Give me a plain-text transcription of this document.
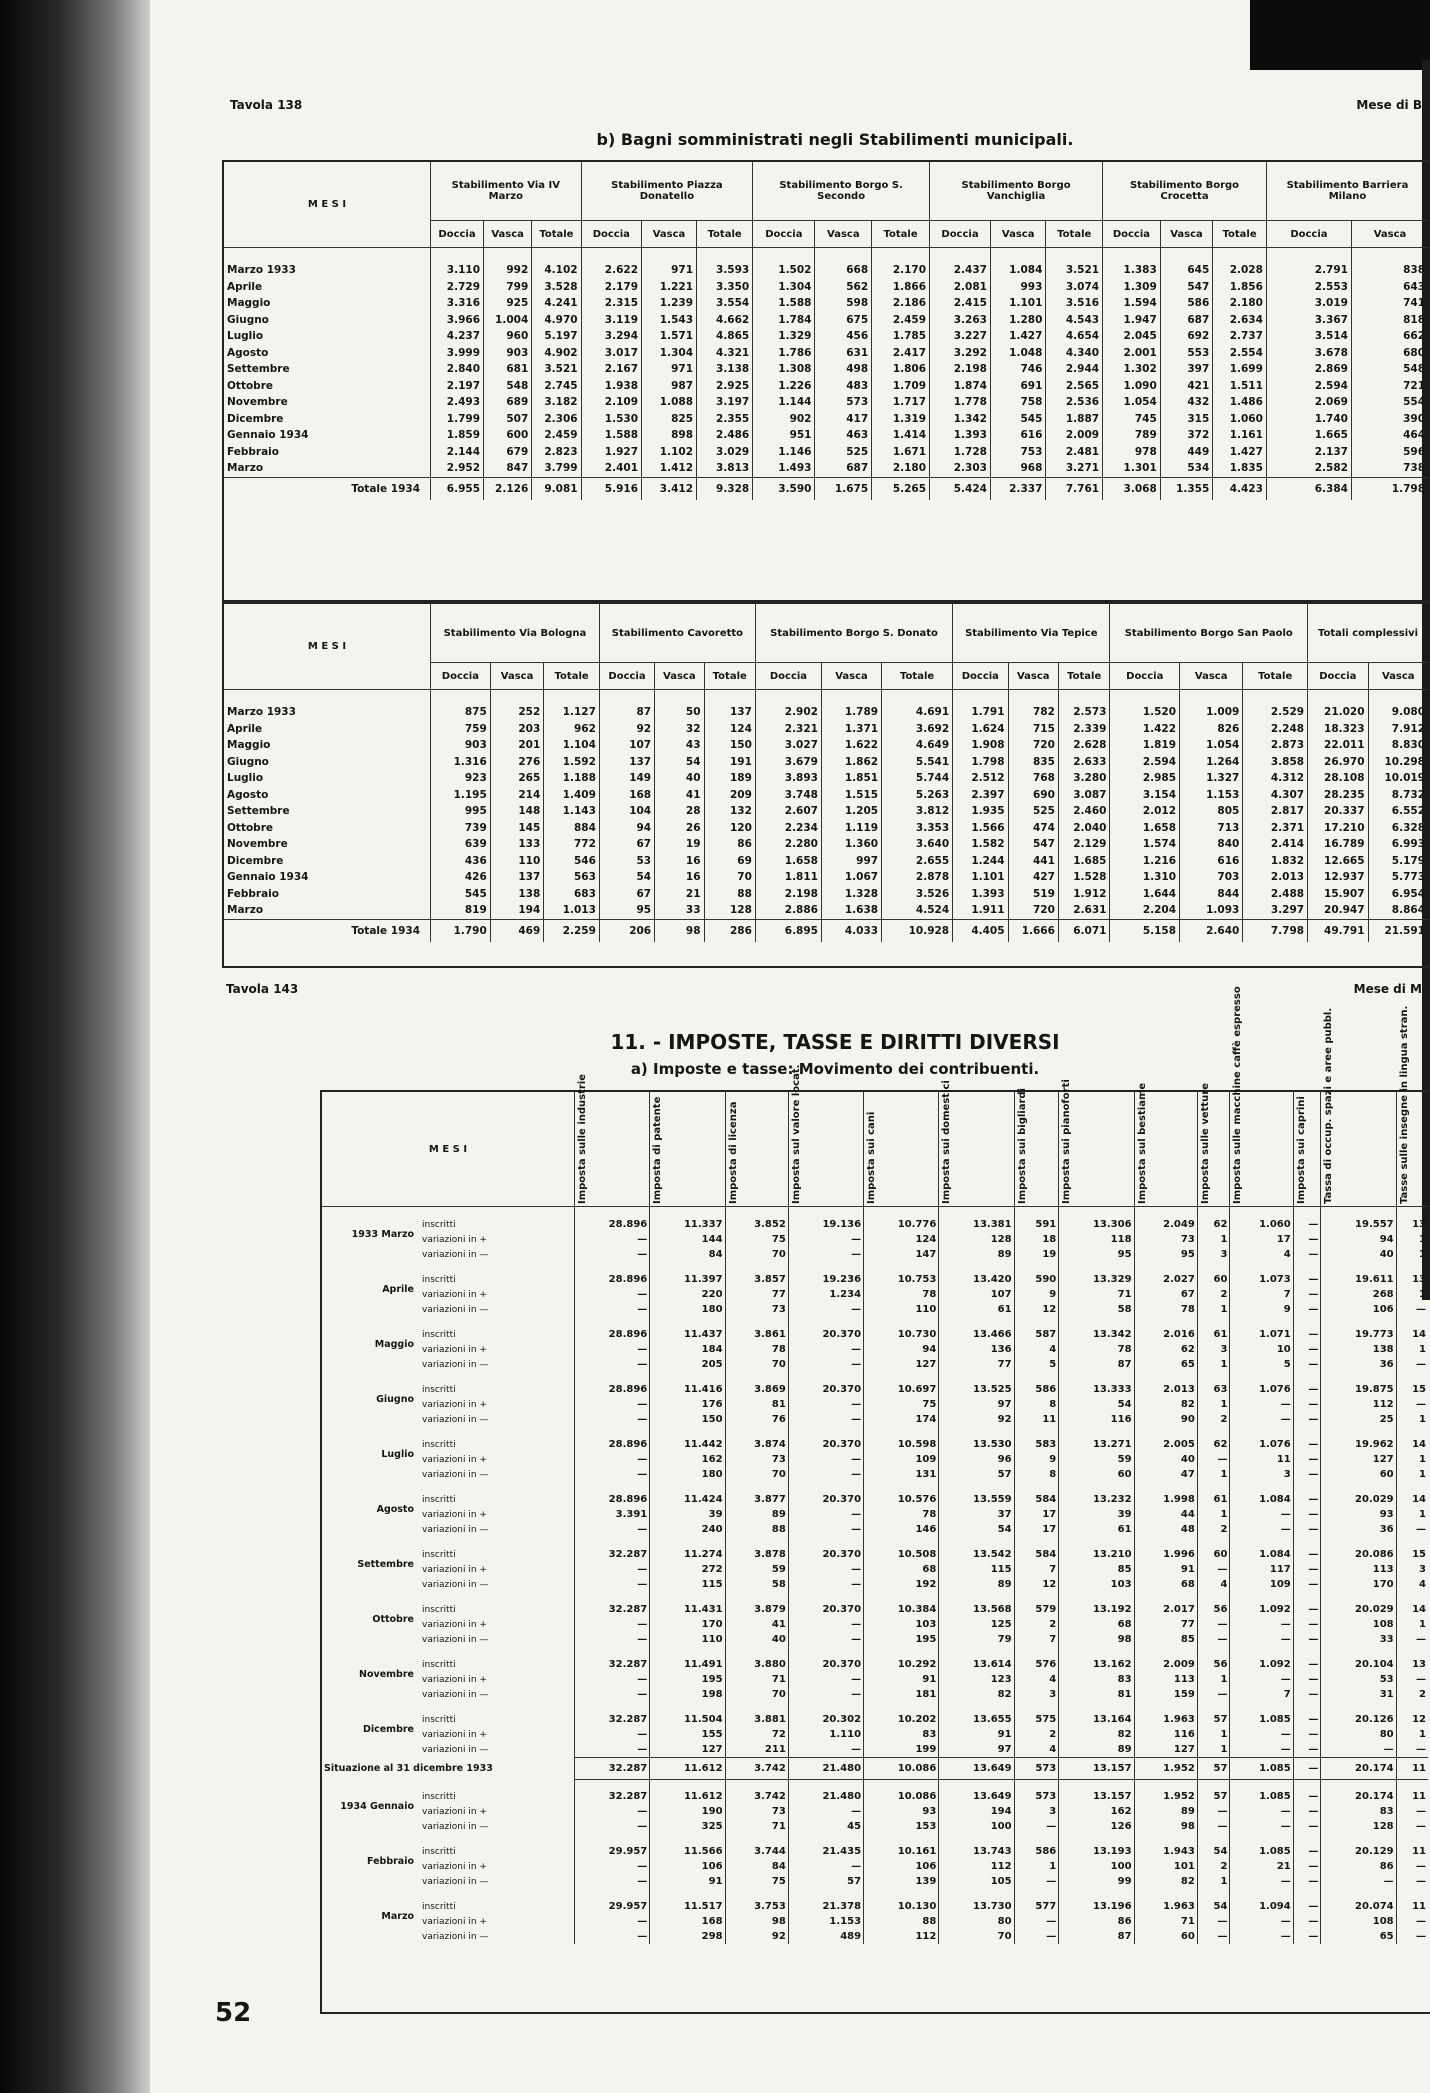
Tavola 138	Mese di B
b) Bagni somministrati negli Stabilimenti municipali.
M E S I	Stabilimento Via IV Marzo			Stabilimento Piazza Donatello			Stabilimento Borgo S. Secondo			Stabilimento Borgo Vanchiglia			Stabilimento Borgo Crocetta			Stabilimento Barriera Milano	
	Doccia	Vasca	Totale	Doccia	Vasca	Totale	Doccia	Vasca	Totale	Doccia	Vasca	Totale	Doccia	Vasca	Totale	Doccia	Vasca
Marzo 1933	3.110	992	4.102	2.622	971	3.593	1.502	668	2.170	2.437	1.084	3.521	1.383	645	2.028	2.791	838
Aprile	2.729	799	3.528	2.179	1.221	3.350	1.304	562	1.866	2.081	993	3.074	1.309	547	1.856	2.553	643
Maggio	3.316	925	4.241	2.315	1.239	3.554	1.588	598	2.186	2.415	1.101	3.516	1.594	586	2.180	3.019	741
Giugno	3.966	1.004	4.970	3.119	1.543	4.662	1.784	675	2.459	3.263	1.280	4.543	1.947	687	2.634	3.367	818
Luglio	4.237	960	5.197	3.294	1.571	4.865	1.329	456	1.785	3.227	1.427	4.654	2.045	692	2.737	3.514	662
Agosto	3.999	903	4.902	3.017	1.304	4.321	1.786	631	2.417	3.292	1.048	4.340	2.001	553	2.554	3.678	680
Settembre	2.840	681	3.521	2.167	971	3.138	1.308	498	1.806	2.198	746	2.944	1.302	397	1.699	2.869	548
Ottobre	2.197	548	2.745	1.938	987	2.925	1.226	483	1.709	1.874	691	2.565	1.090	421	1.511	2.594	721
Novembre	2.493	689	3.182	2.109	1.088	3.197	1.144	573	1.717	1.778	758	2.536	1.054	432	1.486	2.069	554
Dicembre	1.799	507	2.306	1.530	825	2.355	902	417	1.319	1.342	545	1.887	745	315	1.060	1.740	390
Gennaio 1934	1.859	600	2.459	1.588	898	2.486	951	463	1.414	1.393	616	2.009	789	372	1.161	1.665	464
Febbraio	2.144	679	2.823	1.927	1.102	3.029	1.146	525	1.671	1.728	753	2.481	978	449	1.427	2.137	596
Marzo	2.952	847	3.799	2.401	1.412	3.813	1.493	687	2.180	2.303	968	3.271	1.301	534	1.835	2.582	738
Totale 1934	6.955	2.126	9.081	5.916	3.412	9.328	3.590	1.675	5.265	5.424	2.337	7.761	3.068	1.355	4.423	6.384	1.798
M E S I	Stabilimento Via Bologna			Stabilimento Cavoretto			Stabilimento Borgo S. Donato			Stabilimento Via Tepice			Stabilimento Borgo San Paolo			Totali complessivi	
	Doccia	Vasca	Totale	Doccia	Vasca	Totale	Doccia	Vasca	Totale	Doccia	Vasca	Totale	Doccia	Vasca	Totale	Doccia	Vasca
Marzo 1933	875	252	1.127	87	50	137	2.902	1.789	4.691	1.791	782	2.573	1.520	1.009	2.529	21.020	9.080
Aprile	759	203	962	92	32	124	2.321	1.371	3.692	1.624	715	2.339	1.422	826	2.248	18.323	7.912
Maggio	903	201	1.104	107	43	150	3.027	1.622	4.649	1.908	720	2.628	1.819	1.054	2.873	22.011	8.830
Giugno	1.316	276	1.592	137	54	191	3.679	1.862	5.541	1.798	835	2.633	2.594	1.264	3.858	26.970	10.298
Luglio	923	265	1.188	149	40	189	3.893	1.851	5.744	2.512	768	3.280	2.985	1.327	4.312	28.108	10.019
Agosto	1.195	214	1.409	168	41	209	3.748	1.515	5.263	2.397	690	3.087	3.154	1.153	4.307	28.235	8.732
Settembre	995	148	1.143	104	28	132	2.607	1.205	3.812	1.935	525	2.460	2.012	805	2.817	20.337	6.552
Ottobre	739	145	884	94	26	120	2.234	1.119	3.353	1.566	474	2.040	1.658	713	2.371	17.210	6.328
Novembre	639	133	772	67	19	86	2.280	1.360	3.640	1.582	547	2.129	1.574	840	2.414	16.789	6.993
Dicembre	436	110	546	53	16	69	1.658	997	2.655	1.244	441	1.685	1.216	616	1.832	12.665	5.179
Gennaio 1934	426	137	563	54	16	70	1.811	1.067	2.878	1.101	427	1.528	1.310	703	2.013	12.937	5.773
Febbraio	545	138	683	67	21	88	2.198	1.328	3.526	1.393	519	1.912	1.644	844	2.488	15.907	6.954
Marzo	819	194	1.013	95	33	128	2.886	1.638	4.524	1.911	720	2.631	2.204	1.093	3.297	20.947	8.864
Totale 1934	1.790	469	2.259	206	98	286	6.895	4.033	10.928	4.405	1.666	6.071	5.158	2.640	7.798	49.791	21.591
Tavola 143	Mese di M
11. - IMPOSTE, TASSE E DIRITTI DIVERSI
a) Imposte e tasse: Movimento dei contribuenti.
M E S I		Imposta sulle industrie	Imposta di patente	Imposta di licenza	Imposta sul valore locat.	Imposta sui cani	Imposta sui domestici	Imposta sui bigliardi	Imposta sui pianoforti	Imposta sul bestiame	Imposta sulle vetture	Imposta sulle macchine caffè espresso	Imposta sui caprini	Tassa di occup. spazi e aree pubbl.	Tasse sulle insegne in lingua stran.

1933 Marzo	inscritti	28.896	11.337	3.852	19.136	10.776	13.381	591	13.306	2.049	62	1.060	—	19.557	13
	variazioni in +	—	144	75	—	124	128	18	118	73	1	17	—	94	1
	variazioni in —	—	84	70	—	147	89	19	95	95	3	4	—	40	1
Aprile	inscritti	28.896	11.397	3.857	19.236	10.753	13.420	590	13.329	2.027	60	1.073	—	19.611	13
	variazioni in +	—	220	77	1.234	78	107	9	71	67	2	7	—	268	1
	variazioni in —	—	180	73	—	110	61	12	58	78	1	9	—	106	—
Maggio	inscritti	28.896	11.437	3.861	20.370	10.730	13.466	587	13.342	2.016	61	1.071	—	19.773	14
	variazioni in +	—	184	78	—	94	136	4	78	62	3	10	—	138	1
	variazioni in —	—	205	70	—	127	77	5	87	65	1	5	—	36	—
Giugno	inscritti	28.896	11.416	3.869	20.370	10.697	13.525	586	13.333	2.013	63	1.076	—	19.875	15
	variazioni in +	—	176	81	—	75	97	8	54	82	1	—	—	112	—
	variazioni in —	—	150	76	—	174	92	11	116	90	2	—	—	25	1
Luglio	inscritti	28.896	11.442	3.874	20.370	10.598	13.530	583	13.271	2.005	62	1.076	—	19.962	14
	variazioni in +	—	162	73	—	109	96	9	59	40	—	11	—	127	1
	variazioni in —	—	180	70	—	131	57	8	60	47	1	3	—	60	1
Agosto	inscritti	28.896	11.424	3.877	20.370	10.576	13.559	584	13.232	1.998	61	1.084	—	20.029	14
	variazioni in +	3.391	39	89	—	78	37	17	39	44	1	—	—	93	1
	variazioni in —	—	240	88	—	146	54	17	61	48	2	—	—	36	—
Settembre	inscritti	32.287	11.274	3.878	20.370	10.508	13.542	584	13.210	1.996	60	1.084	—	20.086	15
	variazioni in +	—	272	59	—	68	115	7	85	91	—	117	—	113	3
	variazioni in —	—	115	58	—	192	89	12	103	68	4	109	—	170	4
Ottobre	inscritti	32.287	11.431	3.879	20.370	10.384	13.568	579	13.192	2.017	56	1.092	—	20.029	14
	variazioni in +	—	170	41	—	103	125	2	68	77	—	—	—	108	1
	variazioni in —	—	110	40	—	195	79	7	98	85	—	—	—	33	—
Novembre	inscritti	32.287	11.491	3.880	20.370	10.292	13.614	576	13.162	2.009	56	1.092	—	20.104	13
	variazioni in +	—	195	71	—	91	123	4	83	113	1	—	—	53	—
	variazioni in —	—	198	70	—	181	82	3	81	159	—	7	—	31	2
Dicembre	inscritti	32.287	11.504	3.881	20.302	10.202	13.655	575	13.164	1.963	57	1.085	—	20.126	12
	variazioni in +	—	155	72	1.110	83	91	2	82	116	1	—	—	80	1
	variazioni in —	—	127	211	—	199	97	4	89	127	1	—	—	—	—
Situazione al 31 dicembre 1933		32.287	11.612	3.742	21.480	10.086	13.649	573	13.157	1.952	57	1.085	—	20.174	11
1934 Gennaio	inscritti	32.287	11.612	3.742	21.480	10.086	13.649	573	13.157	1.952	57	1.085	—	20.174	11
	variazioni in +	—	190	73	—	93	194	3	162	89	—	—	—	83	—
	variazioni in —	—	325	71	45	153	100	—	126	98	—	—	—	128	—
Febbraio	inscritti	29.957	11.566	3.744	21.435	10.161	13.743	586	13.193	1.943	54	1.085	—	20.129	11
	variazioni in +	—	106	84	—	106	112	1	100	101	2	21	—	86	—
	variazioni in —	—	91	75	57	139	105	—	99	82	1	—	—	—	—
Marzo	inscritti	29.957	11.517	3.753	21.378	10.130	13.730	577	13.196	1.963	54	1.094	—	20.074	11
	variazioni in +	—	168	98	1.153	88	80	—	86	71	—	—	—	108	—
	variazioni in —	—	298	92	489	112	70	—	87	60	—	—	—	65	—
52
